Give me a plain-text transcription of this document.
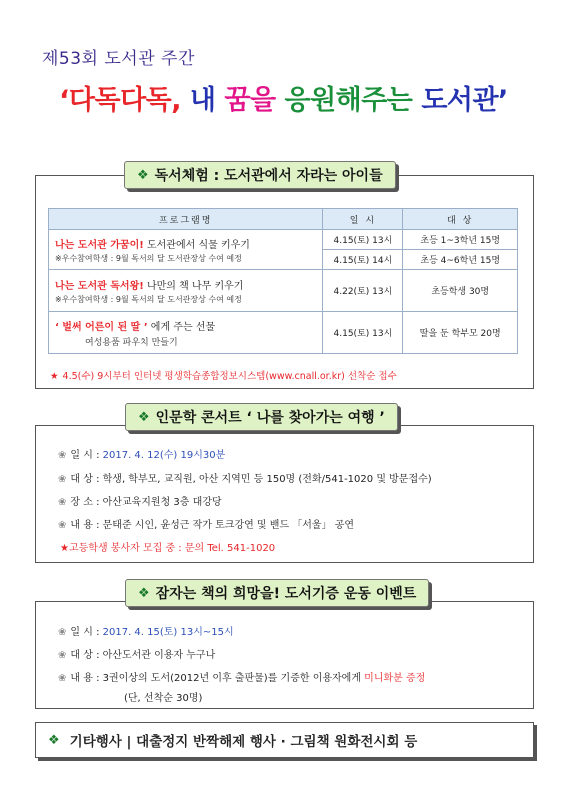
제53회 도서관 주간
‘다독다독, 내 꿈을 응원해주는 도서관’
❖ 독서체험 : 도서관에서 자라는 아이들
프로그램명	일 시	대 상

나는 도서관 가꿈이! 도서관에서 식물 키우기
※우수참여학생 : 9월 독서의 달 도서관장상 수여 예정	4.15(토) 13시	초등 1~3학년 15명
	4.15(토) 14시	초등 4~6학년 15명

나는 도서관 독서왕! 나만의 책 나무 키우기
※우수참여학생 : 9월 독서의 달 도서관장상 수여 예정	4.22(토) 13시	초등학생 30명

‘ 벌써 어른이 된 딸 ’ 에게 주는 선물
여성용품 파우치 만들기	4.15(토) 13시	딸을 둔 학부모 20명
★ 4.5(수) 9시부터 인터넷 평생학습종합정보시스템(www.cnall.or.kr) 선착순 접수
❖ 인문학 콘서트 ‘ 나를 찾아가는 여행 ’
❀ 일 시 : 2017. 4. 12(수) 19시30분
❀ 대 상 : 학생, 학부모, 교직원, 아산 지역민 등 150명 (전화/541-1020 및 방문접수)
❀ 장 소 : 아산교육지원청 3층 대강당
❀ 내 용 : 문태준 시인, 윤성근 작가 토크강연 및 밴드 「서울」 공연
★고등학생 봉사자 모집 중 : 문의 Tel. 541-1020
❖ 잠자는 책의 희망을! 도서기증 운동 이벤트
❀ 일 시 : 2017. 4. 15(토) 13시~15시
❀ 대 상 : 아산도서관 이용자 누구나
❀ 내 용 : 3권이상의 도서(2012년 이후 출판물)를 기증한 이용자에게 미니화분 증정
(단, 선착순 30명)
❖ 기타행사 | 대출정지 반짝해제 행사 · 그림책 원화전시회 등
